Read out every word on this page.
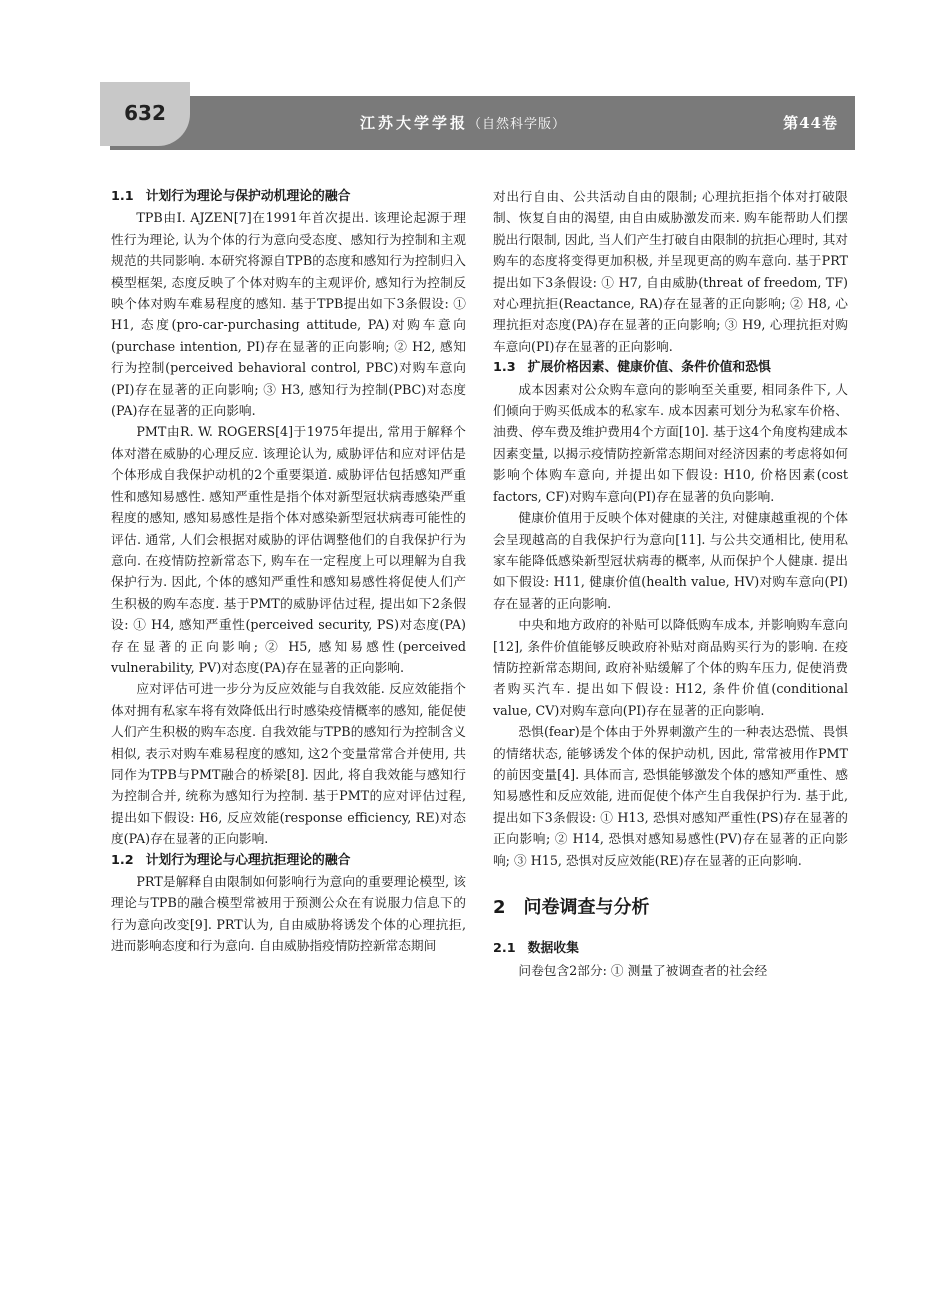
632	江苏大学学报（自然科学版）	第44卷
1.1 计划行为理论与保护动机理论的融合

TPB由I. AJZEN[7]在1991年首次提出. 该理论起源于理性行为理论, 认为个体的行为意向受态度、感知行为控制和主观规范的共同影响. 本研究将源自TPB的态度和感知行为控制归入模型框架, 态度反映了个体对购车的主观评价, 感知行为控制反映个体对购车难易程度的感知. 基于TPB提出如下3条假设: ① H1, 态度(pro-car-purchasing attitude, PA)对购车意向(purchase intention, PI)存在显著的正向影响; ② H2, 感知行为控制(perceived behavioral control, PBC)对购车意向(PI)存在显著的正向影响; ③ H3, 感知行为控制(PBC)对态度(PA)存在显著的正向影响.

PMT由R. W. ROGERS[4]于1975年提出, 常用于解释个体对潜在威胁的心理反应. 该理论认为, 威胁评估和应对评估是个体形成自我保护动机的2个重要渠道. 威胁评估包括感知严重性和感知易感性. 感知严重性是指个体对新型冠状病毒感染严重程度的感知, 感知易感性是指个体对感染新型冠状病毒可能性的评估. 通常, 人们会根据对威胁的评估调整他们的自我保护行为意向. 在疫情防控新常态下, 购车在一定程度上可以理解为自我保护行为. 因此, 个体的感知严重性和感知易感性将促使人们产生积极的购车态度. 基于PMT的威胁评估过程, 提出如下2条假设: ① H4, 感知严重性(perceived security, PS)对态度(PA)存在显著的正向影响; ② H5, 感知易感性(perceived vulnerability, PV)对态度(PA)存在显著的正向影响.

应对评估可进一步分为反应效能与自我效能. 反应效能指个体对拥有私家车将有效降低出行时感染疫情概率的感知, 能促使人们产生积极的购车态度. 自我效能与TPB的感知行为控制含义相似, 表示对购车难易程度的感知, 这2个变量常常合并使用, 共同作为TPB与PMT融合的桥梁[8]. 因此, 将自我效能与感知行为控制合并, 统称为感知行为控制. 基于PMT的应对评估过程, 提出如下假设: H6, 反应效能(response efficiency, RE)对态度(PA)存在显著的正向影响.

1.2 计划行为理论与心理抗拒理论的融合

PRT是解释自由限制如何影响行为意向的重要理论模型, 该理论与TPB的融合模型常被用于预测公众在有说服力信息下的行为意向改变[9]. PRT认为, 自由威胁将诱发个体的心理抗拒, 进而影响态度和行为意向. 自由威胁指疫情防控新常态期间

对出行自由、公共活动自由的限制; 心理抗拒指个体对打破限制、恢复自由的渴望, 由自由威胁激发而来. 购车能帮助人们摆脱出行限制, 因此, 当人们产生打破自由限制的抗拒心理时, 其对购车的态度将变得更加积极, 并呈现更高的购车意向. 基于PRT提出如下3条假设: ① H7, 自由威胁(threat of freedom, TF)对心理抗拒(Reactance, RA)存在显著的正向影响; ② H8, 心理抗拒对态度(PA)存在显著的正向影响; ③ H9, 心理抗拒对购车意向(PI)存在显著的正向影响.

1.3 扩展价格因素、健康价值、条件价值和恐惧

成本因素对公众购车意向的影响至关重要, 相同条件下, 人们倾向于购买低成本的私家车. 成本因素可划分为私家车价格、油费、停车费及维护费用4个方面[10]. 基于这4个角度构建成本因素变量, 以揭示疫情防控新常态期间对经济因素的考虑将如何影响个体购车意向, 并提出如下假设: H10, 价格因素(cost factors, CF)对购车意向(PI)存在显著的负向影响.

健康价值用于反映个体对健康的关注, 对健康越重视的个体会呈现越高的自我保护行为意向[11]. 与公共交通相比, 使用私家车能降低感染新型冠状病毒的概率, 从而保护个人健康. 提出如下假设: H11, 健康价值(health value, HV)对购车意向(PI)存在显著的正向影响.

中央和地方政府的补贴可以降低购车成本, 并影响购车意向[12], 条件价值能够反映政府补贴对商品购买行为的影响. 在疫情防控新常态期间, 政府补贴缓解了个体的购车压力, 促使消费者购买汽车. 提出如下假设: H12, 条件价值(conditional value, CV)对购车意向(PI)存在显著的正向影响.

恐惧(fear)是个体由于外界刺激产生的一种表达恐慌、畏惧的情绪状态, 能够诱发个体的保护动机, 因此, 常常被用作PMT的前因变量[4]. 具体而言, 恐惧能够激发个体的感知严重性、感知易感性和反应效能, 进而促使个体产生自我保护行为. 基于此, 提出如下3条假设: ① H13, 恐惧对感知严重性(PS)存在显著的正向影响; ② H14, 恐惧对感知易感性(PV)存在显著的正向影响; ③ H15, 恐惧对反应效能(RE)存在显著的正向影响.

2 问卷调查与分析
2.1 数据收集

问卷包含2部分: ① 测量了被调查者的社会经
